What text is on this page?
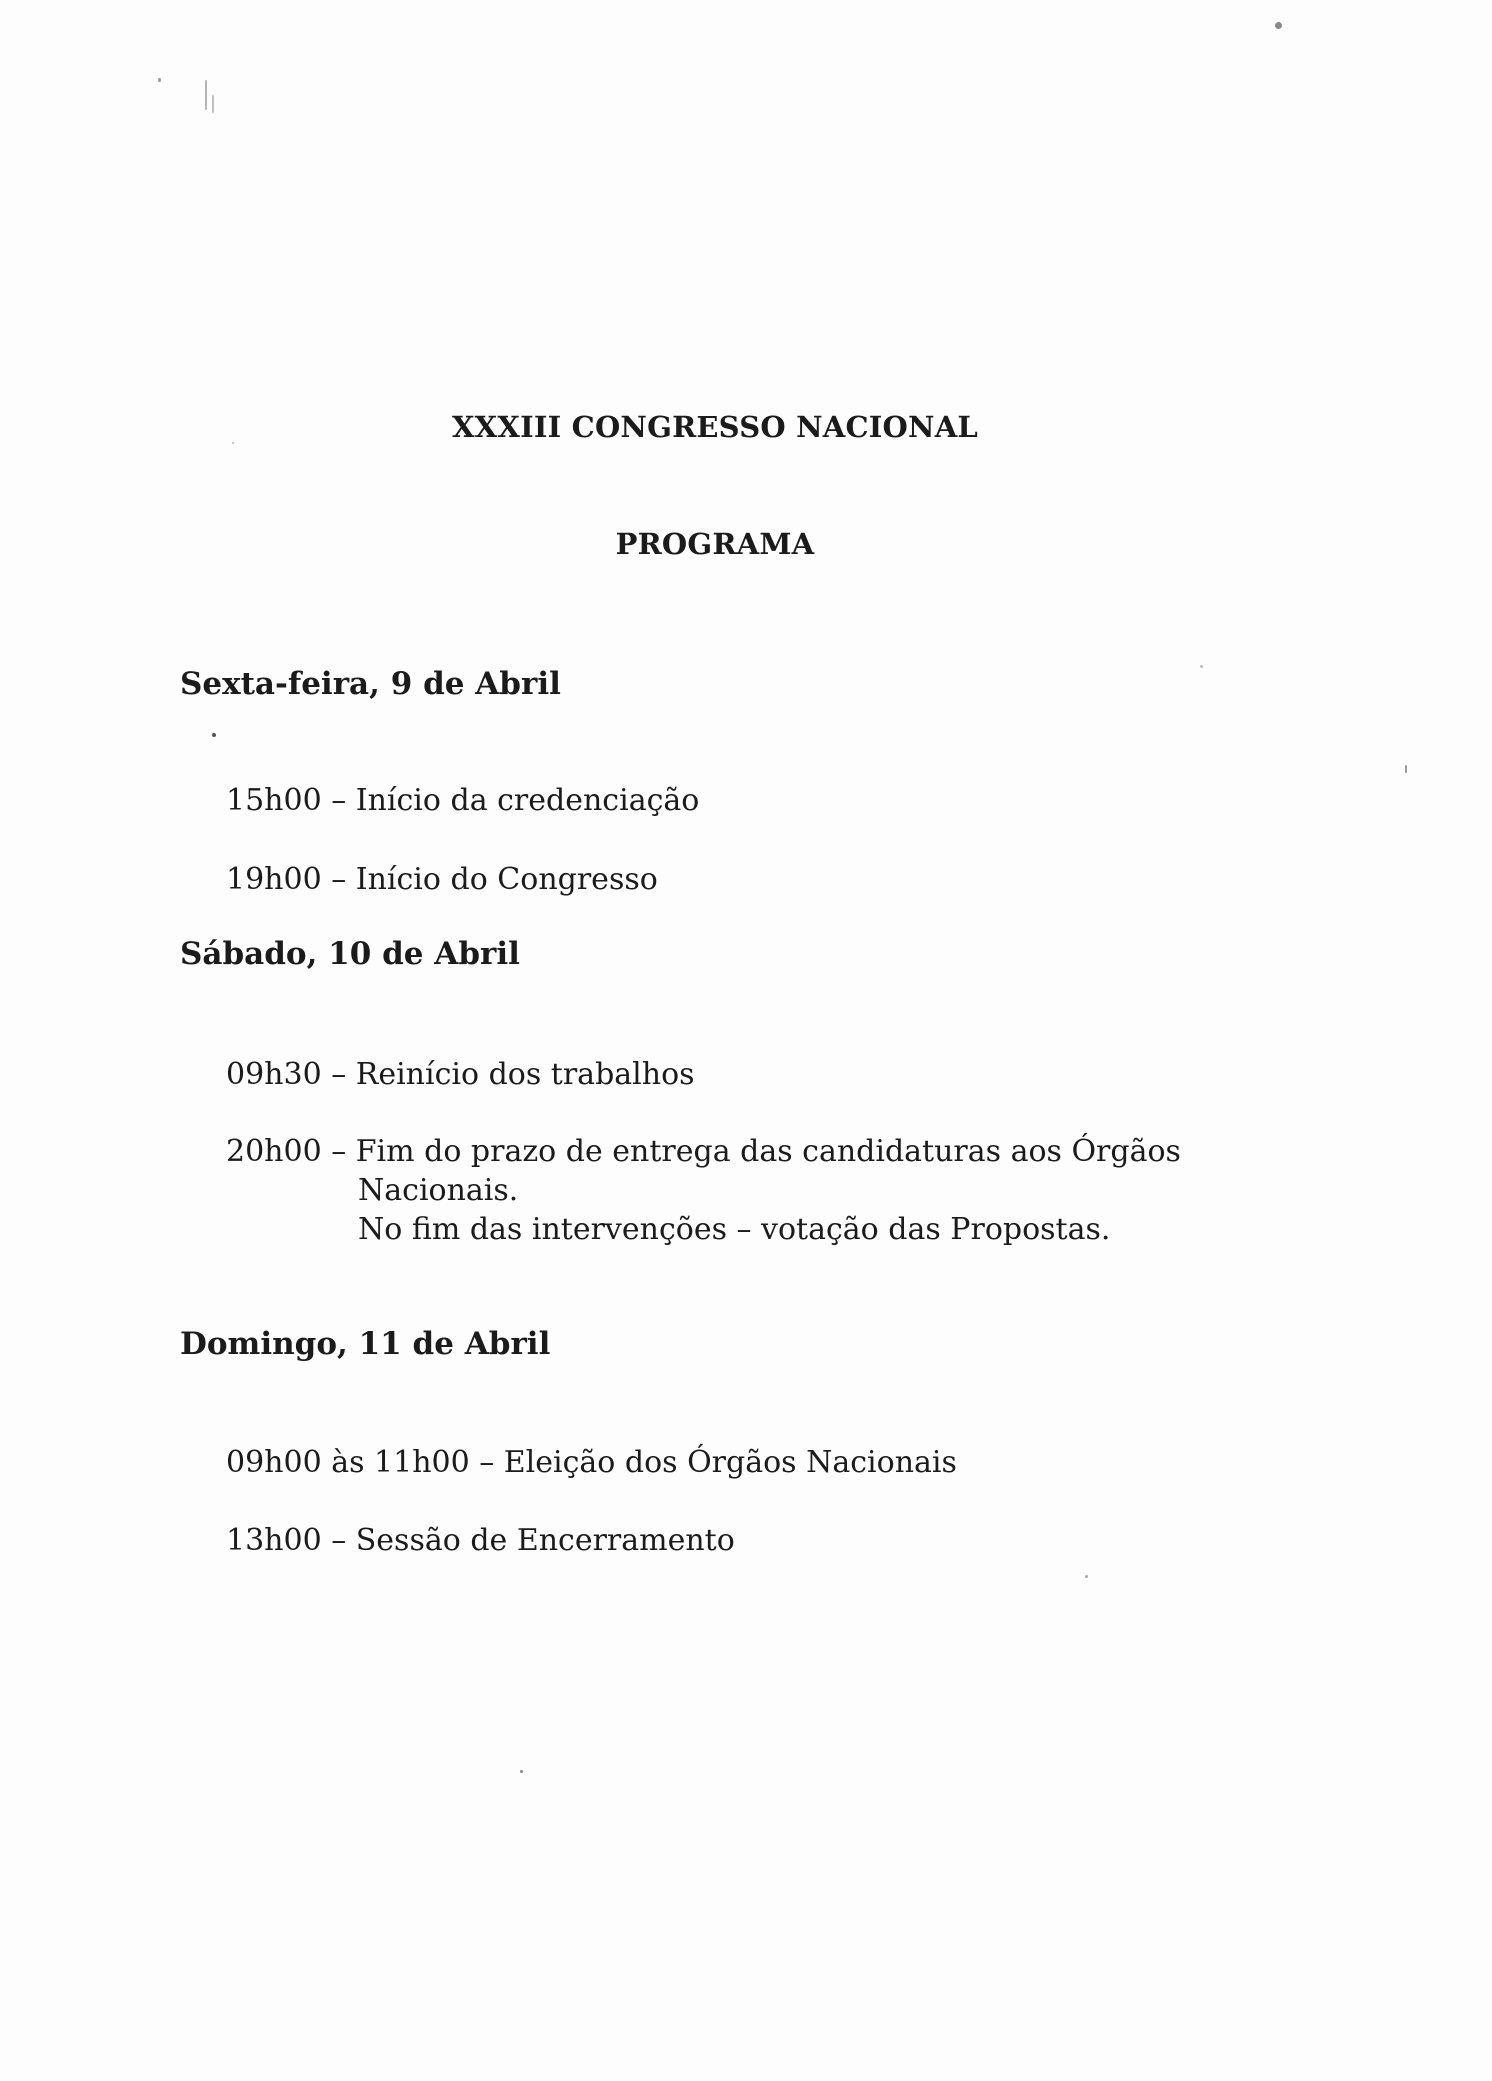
XXXIII CONGRESSO NACIONAL
PROGRAMA
Sexta-feira, 9 de Abril

15h00 – Início da credenciação

19h00 – Início do Congresso

Sábado, 10 de Abril

09h30 – Reinício dos trabalhos

20h00 – Fim do prazo de entrega das candidaturas aos Órgãos
Nacionais.
No fim das intervenções – votação das Propostas.

Domingo, 11 de Abril

09h00 às 11h00 – Eleição dos Órgãos Nacionais

13h00 – Sessão de Encerramento
